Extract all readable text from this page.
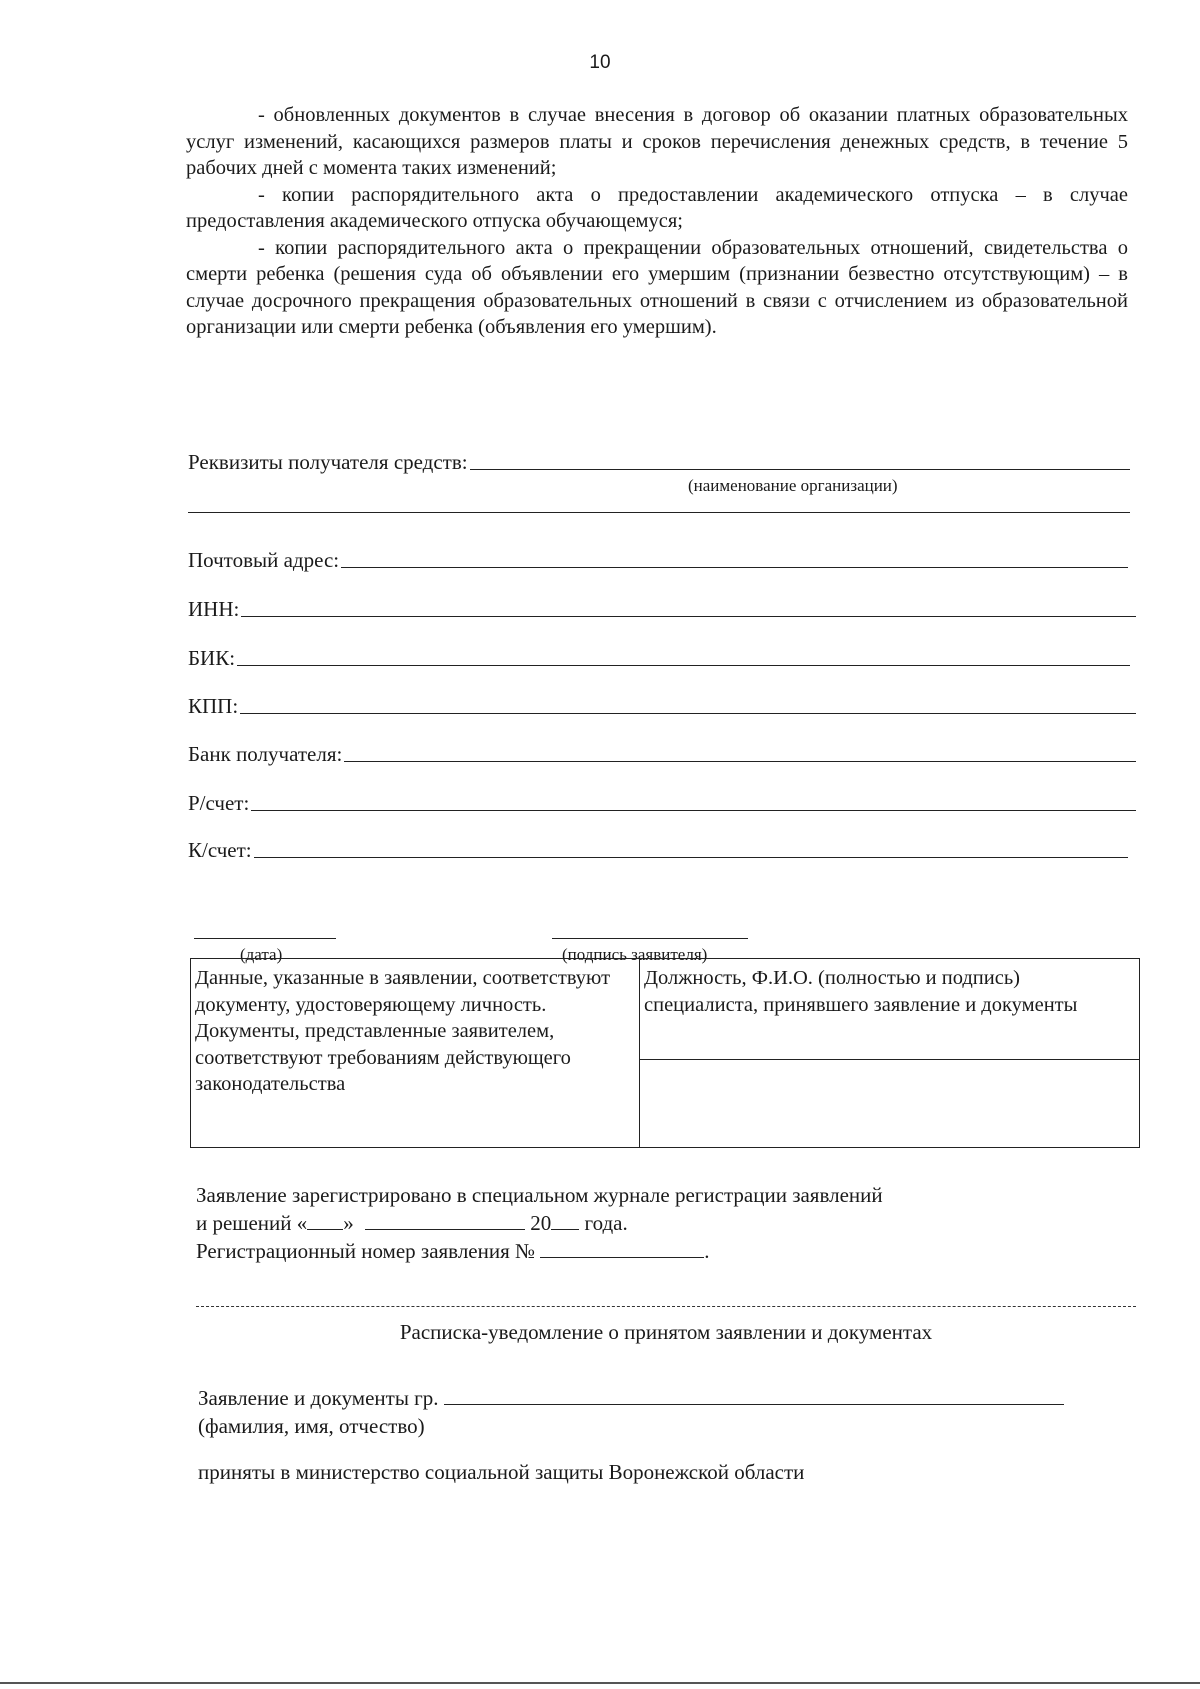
10

- обновленных документов в случае внесения в договор об оказании платных образовательных услуг изменений, касающихся размеров платы и сроков перечисления денежных средств, в течение 5 рабочих дней с момента таких изменений;

- копии распорядительного акта о предоставлении академического отпуска – в случае предоставления академического отпуска обучающемуся;

- копии распорядительного акта о прекращении образовательных отношений, свидетельства о смерти ребенка (решения суда об объявлении его умершим (признании безвестно отсутствующим) – в случае досрочного прекращения образовательных отношений в связи с отчислением из образовательной организации или смерти ребенка (объявления его умершим).

Реквизиты получателя средств:
(наименование организации)
Почтовый адрес:
ИНН:
БИК:
КПП:
Банк получателя:
Р/счет:
К/счет:
(дата)	(подпись заявителя)
Данные, указанные в заявлении, соответствуют документу, удостоверяющему личность. Документы, представленные заявителем, соответствуют требованиям действующего законодательства	Должность, Ф.И.О. (полностью и подпись) специалиста, принявшего заявление и документы

Заявление зарегистрировано в специальном журнале регистрации заявлений

и решений « »	20 года.

Регистрационный номер заявления №	.

Расписка-уведомление о принятом заявлении и документах

Заявление и документы гр.

(фамилия, имя, отчество)

приняты в министерство социальной защиты Воронежской области
